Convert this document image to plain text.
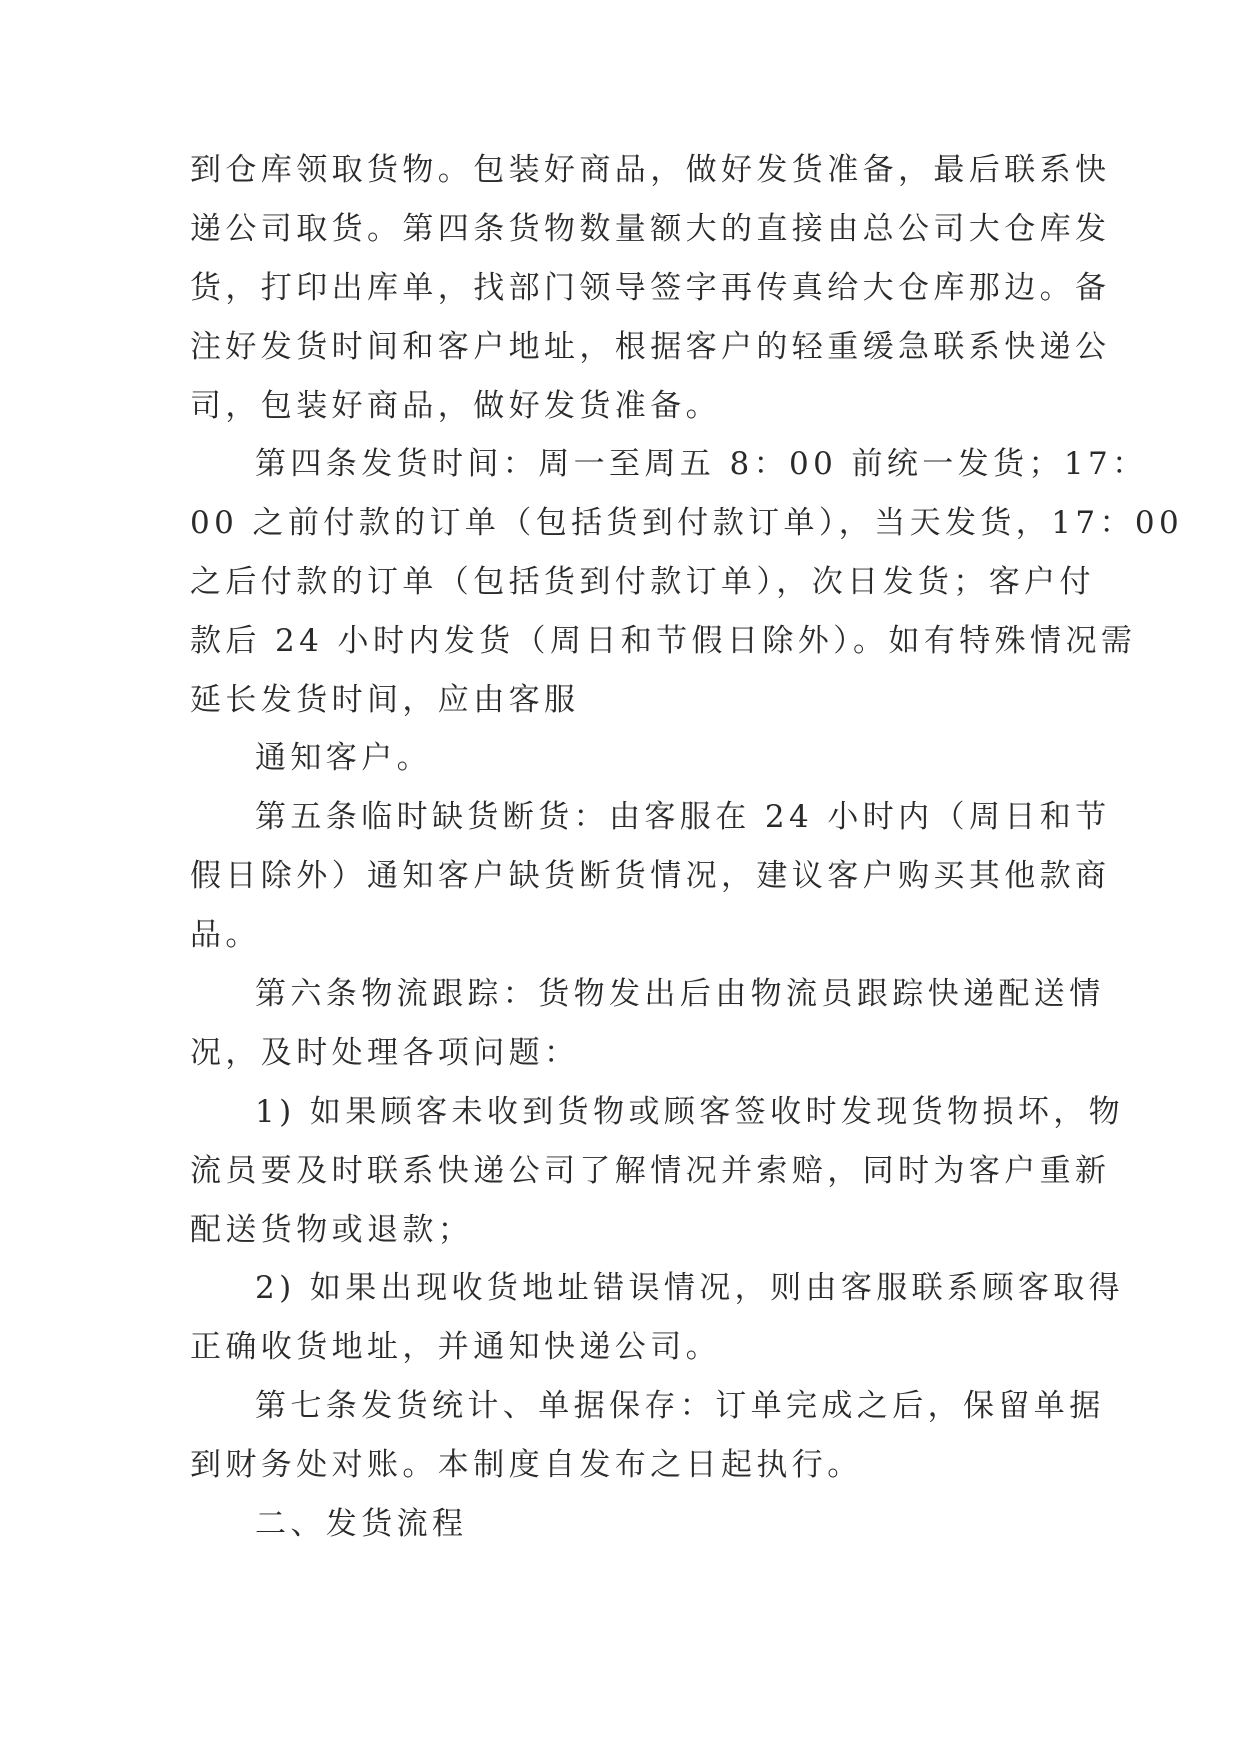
到仓库领取货物。包装好商品，做好发货准备，最后联系快
递公司取货。第四条货物数量额大的直接由总公司大仓库发
货，打印出库单，找部门领导签字再传真给大仓库那边。备
注好发货时间和客户地址，根据客户的轻重缓急联系快递公
司，包装好商品，做好发货准备。
第四条发货时间：周一至周五 8：00 前统一发货；17：
00 之前付款的订单（包括货到付款订单），当天发货，17：00
之后付款的订单（包括货到付款订单），次日发货；客户付
款后 24 小时内发货（周日和节假日除外）。如有特殊情况需
延长发货时间，应由客服
通知客户。
第五条临时缺货断货：由客服在 24 小时内（周日和节
假日除外）通知客户缺货断货情况，建议客户购买其他款商
品。
第六条物流跟踪：货物发出后由物流员跟踪快递配送情
况，及时处理各项问题：
1) 如果顾客未收到货物或顾客签收时发现货物损坏，物
流员要及时联系快递公司了解情况并索赔，同时为客户重新
配送货物或退款；
2) 如果出现收货地址错误情况，则由客服联系顾客取得
正确收货地址，并通知快递公司。
第七条发货统计、单据保存：订单完成之后，保留单据
到财务处对账。本制度自发布之日起执行。
二、发货流程
